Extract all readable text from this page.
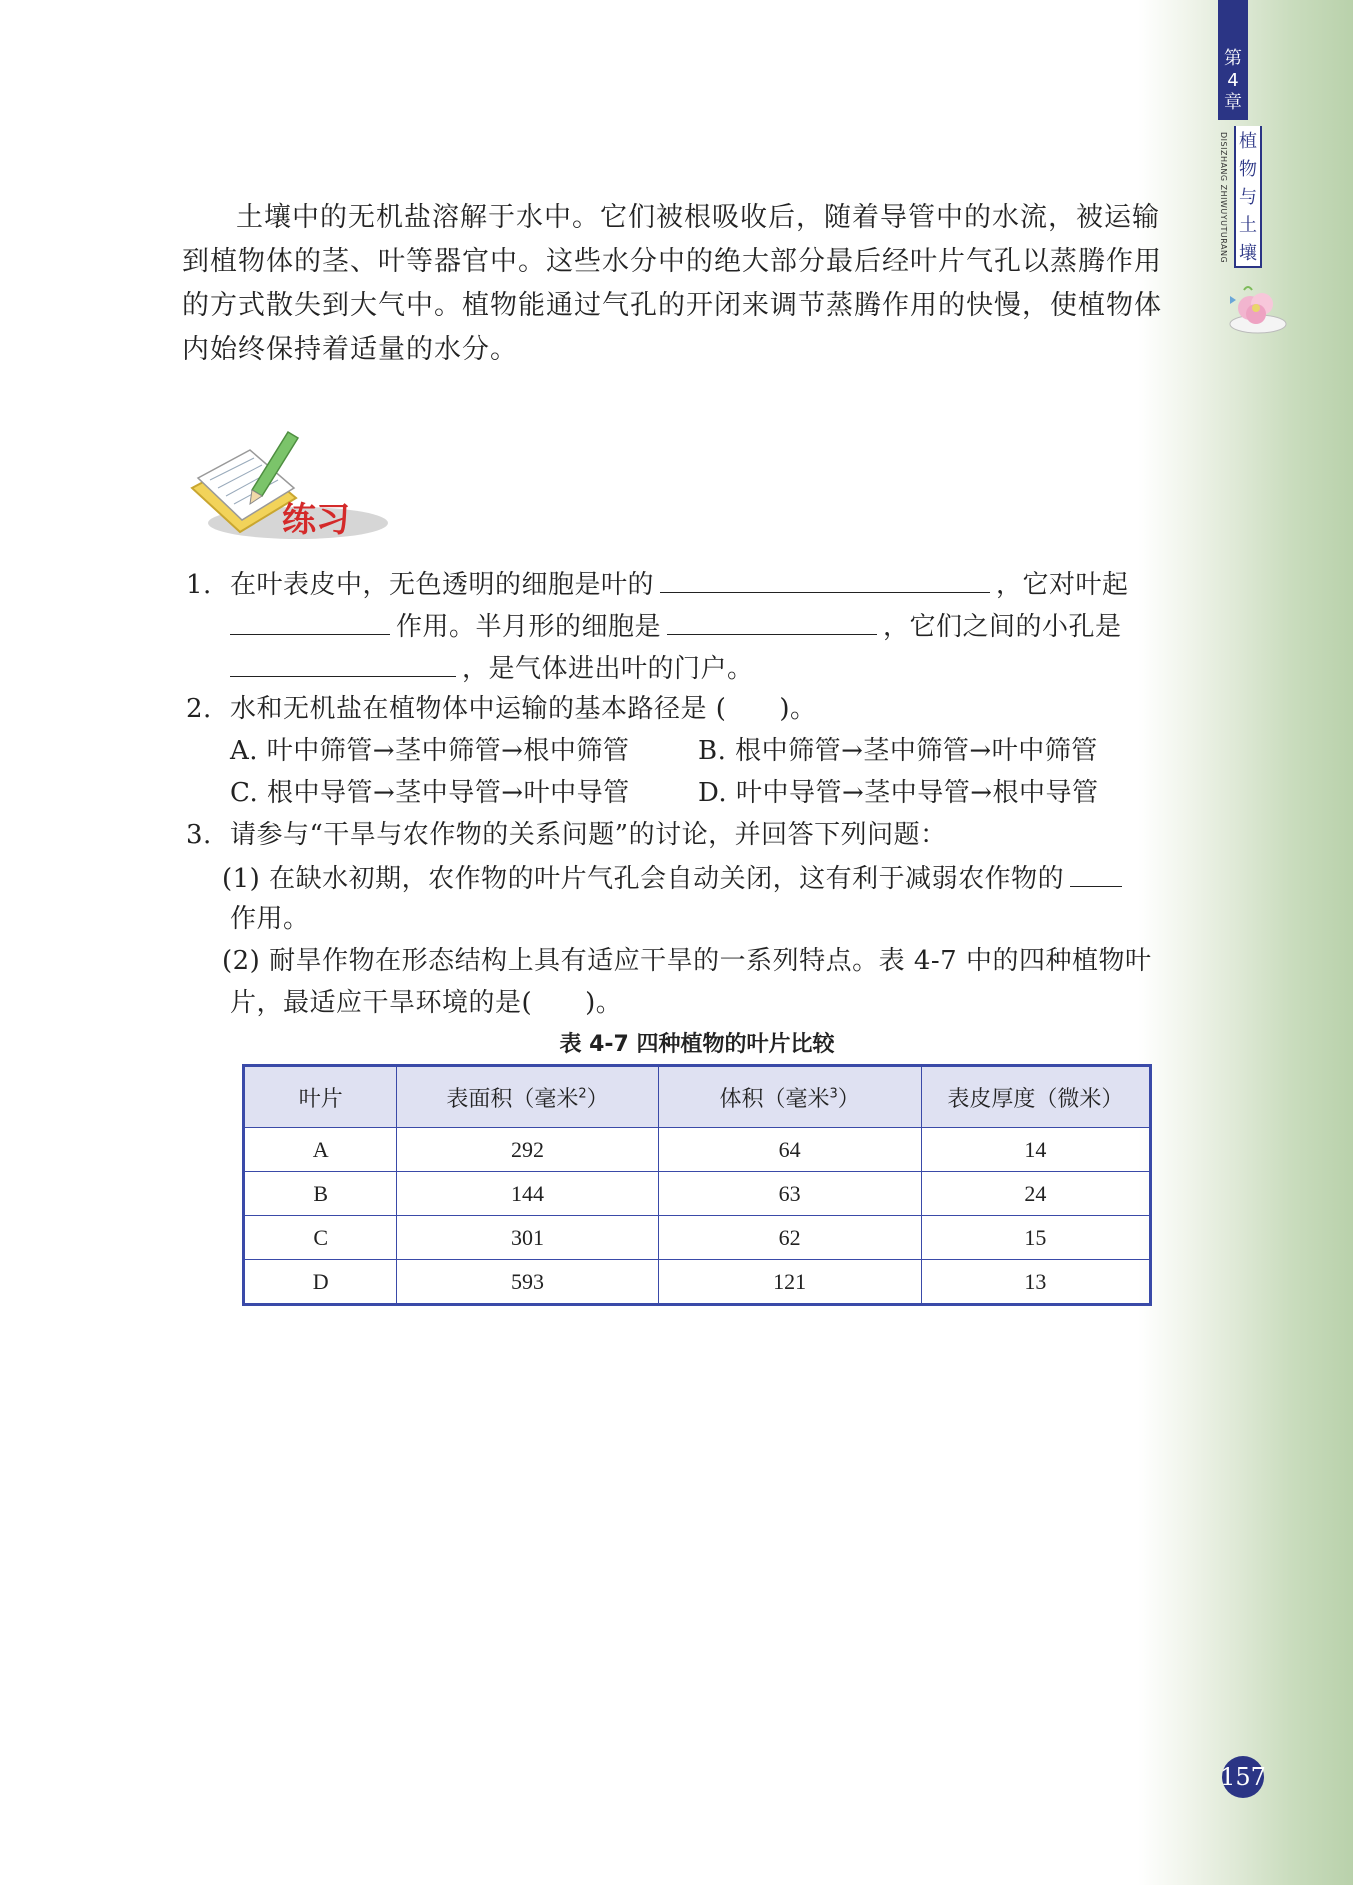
第
4
章
DISIZHANG ZHIWUYUTURANG 植
物
与
土
壤

土壤中的无机盐溶解于水中。它们被根吸收后，随着导管中的水流，被运输到植物体的茎、叶等器官中。这些水分中的绝大部分最后经叶片气孔以蒸腾作用的方式散失到大气中。植物能通过气孔的开闭来调节蒸腾作用的快慢，使植物体内始终保持着适量的水分。

练习
1. 在叶表皮中，无色透明的细胞是叶的	，它对叶起
作用。半月形的细胞是	，它们之间的小孔是
，是气体进出叶的门户。
2. 水和无机盐在植物体中运输的基本路径是 (　　)。
A. 叶中筛管→茎中筛管→根中筛管	B. 根中筛管→茎中筛管→叶中筛管
C. 根中导管→茎中导管→叶中导管	D. 叶中导管→茎中导管→根中导管
3. 请参与“干旱与农作物的关系问题”的讨论，并回答下列问题：
(1) 在缺水初期，农作物的叶片气孔会自动关闭，这有利于减弱农作物的
作用。
(2) 耐旱作物在形态结构上具有适应干旱的一系列特点。表 4-7 中的四种植物叶
片，最适应干旱环境的是(　　)。
表 4-7 四种植物的叶片比较
叶片	表面积（毫米$^2$）	体积（毫米$^3$）	表皮厚度（微米）
A	292	64	14
B	144	63	24
C	301	62	15
D	593	121	13
157
